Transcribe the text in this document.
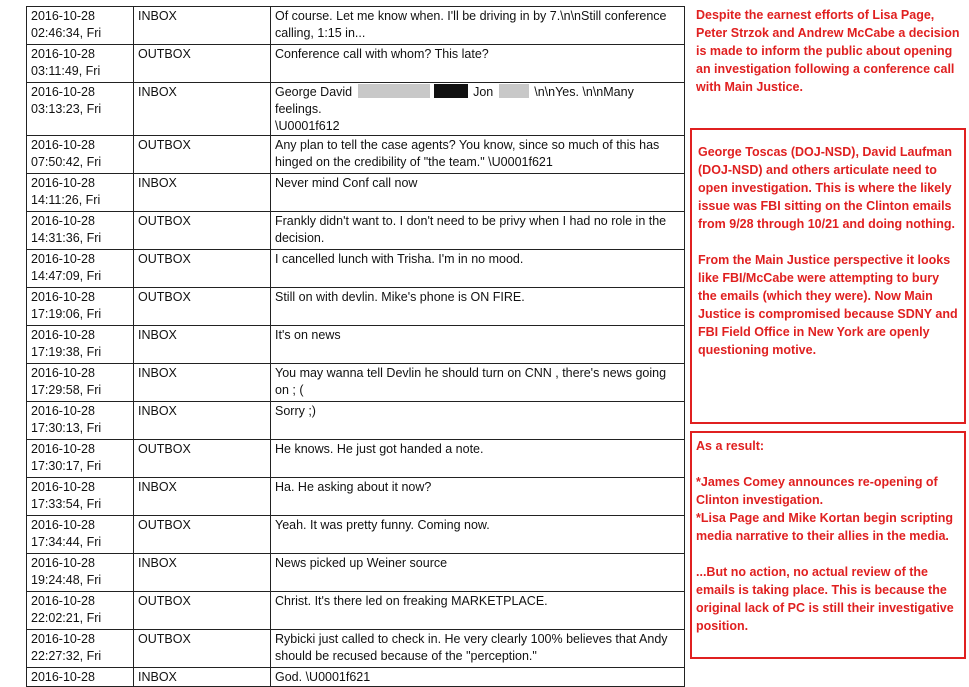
2016-10-28
02:46:34, Fri	INBOX	Of course. Let me know when. I'll be driving in by 7.\n\nStill conference calling, 1:15 in...
2016-10-28
03:11:49, Fri	OUTBOX	Conference call with whom? This late?
2016-10-28
03:13:23, Fri	INBOX	George David Jon \n\nYes. \n\nMany feelings.
\U0001f612
2016-10-28
07:50:42, Fri	OUTBOX	Any plan to tell the case agents? You know, since so much of this has hinged on the credibility of "the team." \U0001f621
2016-10-28
14:11:26, Fri	INBOX	Never mind Conf call now
2016-10-28
14:31:36, Fri	OUTBOX	Frankly didn't want to. I don't need to be privy when I had no role in the decision.
2016-10-28
14:47:09, Fri	OUTBOX	I cancelled lunch with Trisha. I'm in no mood.
2016-10-28
17:19:06, Fri	OUTBOX	Still on with devlin. Mike's phone is ON FIRE.
2016-10-28
17:19:38, Fri	INBOX	It's on news
2016-10-28
17:29:58, Fri	INBOX	You may wanna tell Devlin he should turn on CNN , there's news going on ; (
2016-10-28
17:30:13, Fri	INBOX	Sorry ;)
2016-10-28
17:30:17, Fri	OUTBOX	He knows. He just got handed a note.
2016-10-28
17:33:54, Fri	INBOX	Ha. He asking about it now?
2016-10-28
17:34:44, Fri	OUTBOX	Yeah. It was pretty funny. Coming now.
2016-10-28
19:24:48, Fri	INBOX	News picked up Weiner source
2016-10-28
22:02:21, Fri	OUTBOX	Christ. It's there led on freaking MARKETPLACE.
2016-10-28
22:27:32, Fri	OUTBOX	Rybicki just called to check in. He very clearly 100% believes that Andy should be recused because of the "perception."
2016-10-28	INBOX	God. \U0001f621

Despite the earnest efforts of Lisa Page, Peter Strzok and Andrew McCabe a decision is made to inform the public about opening an investigation following a conference call with Main Justice.

George Toscas (DOJ-NSD), David Laufman (DOJ-NSD) and others articulate need to open investigation. This is where the likely issue was FBI sitting on the Clinton emails from 9/28 through 10/21 and doing nothing.

From the Main Justice perspective it looks like FBI/McCabe were attempting to bury the emails (which they were). Now Main Justice is compromised because SDNY and FBI Field Office in New York are openly questioning motive.

As a result:

*James Comey announces re-opening of Clinton investigation.

*Lisa Page and Mike Kortan begin scripting media narrative to their allies in the media.

...But no action, no actual review of the emails is taking place. This is because the original lack of PC is still their investigative position.
